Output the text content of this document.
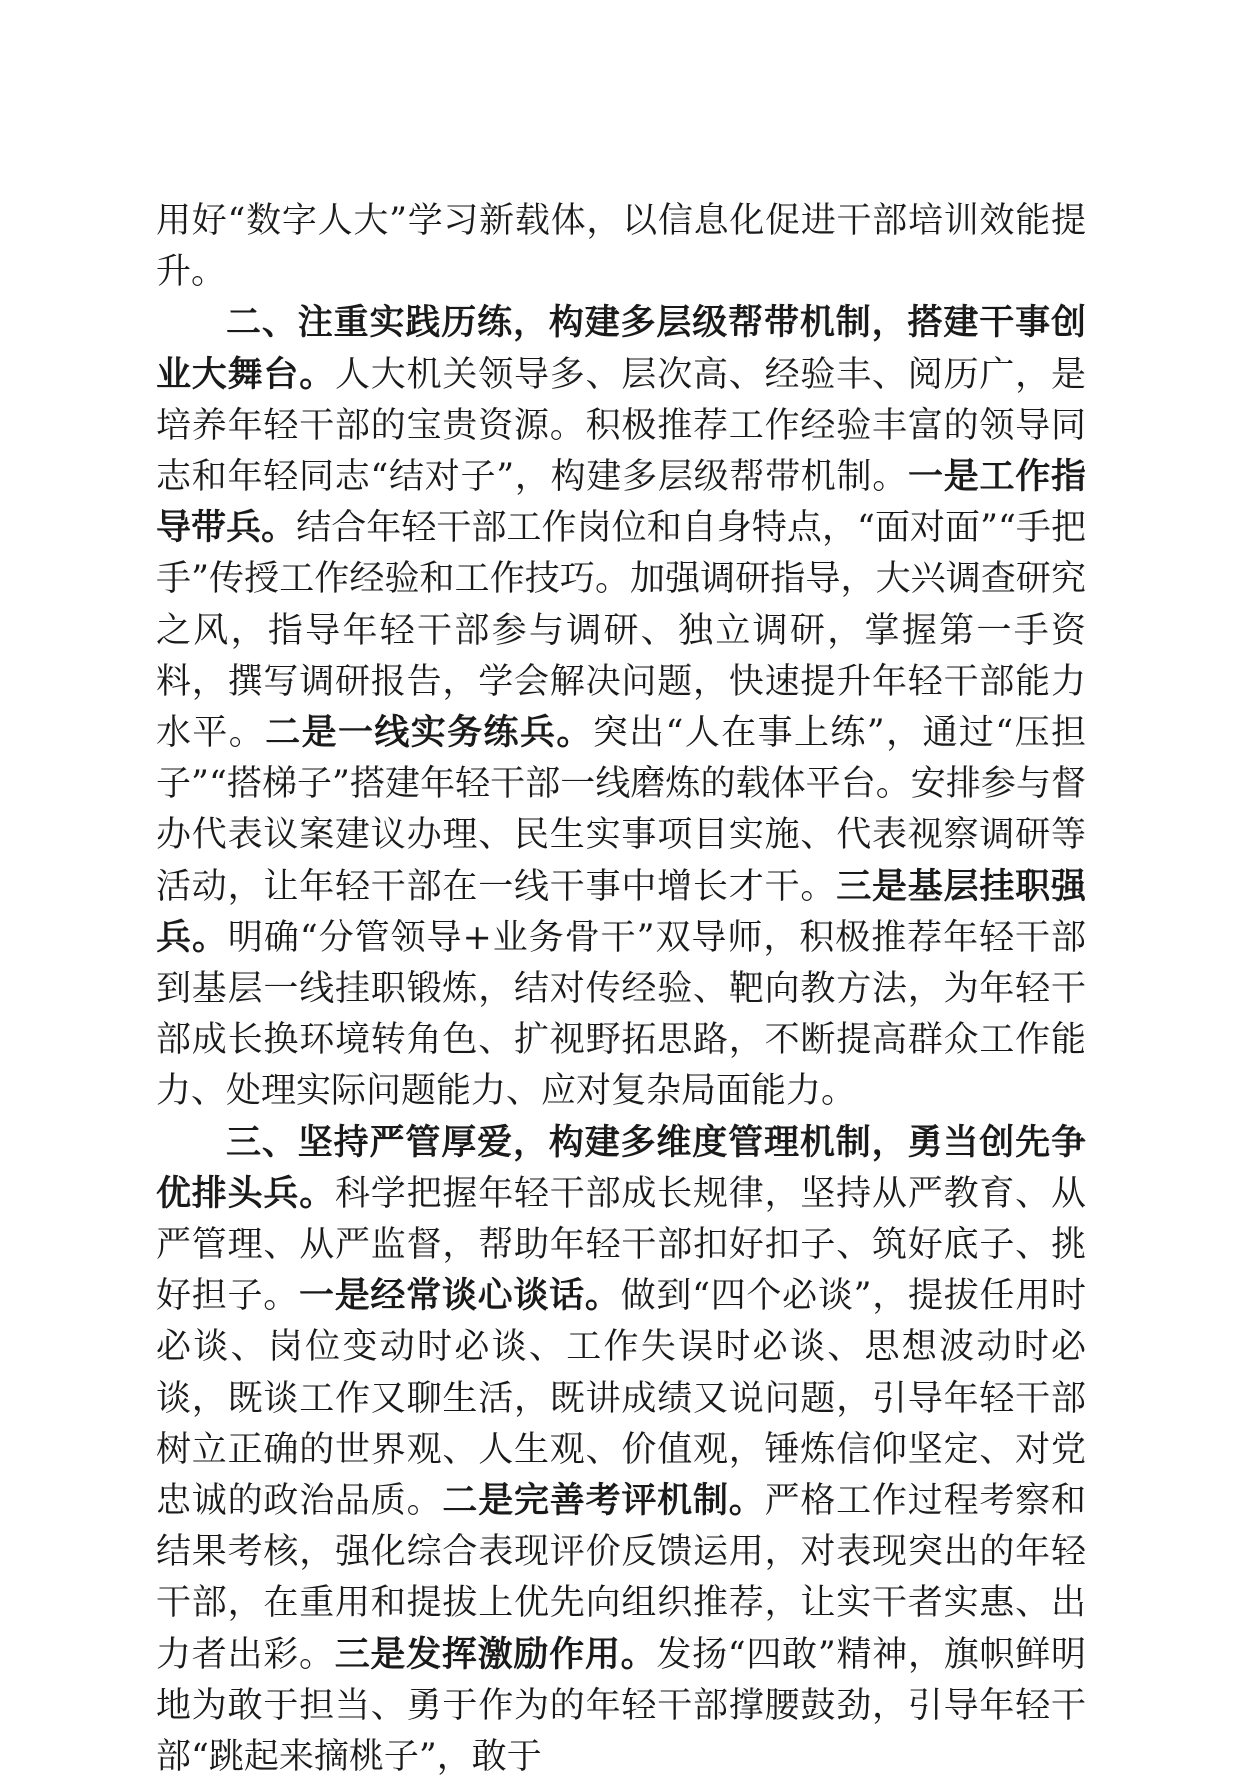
用好“数字人大”学习新载体，以信息化促进干部培训效能提升。

二、注重实践历练，构建多层级帮带机制，搭建干事创业大舞台。人大机关领导多、层次高、经验丰、阅历广，是培养年轻干部的宝贵资源。积极推荐工作经验丰富的领导同志和年轻同志“结对子”，构建多层级帮带机制。一是工作指导带兵。结合年轻干部工作岗位和自身特点，“面对面”“手把手”传授工作经验和工作技巧。加强调研指导，大兴调查研究之风，指导年轻干部参与调研、独立调研，掌握第一手资料，撰写调研报告，学会解决问题，快速提升年轻干部能力水平。二是一线实务练兵。突出“人在事上练”，通过“压担子”“搭梯子”搭建年轻干部一线磨炼的载体平台。安排参与督办代表议案建议办理、民生实事项目实施、代表视察调研等活动，让年轻干部在一线干事中增长才干。三是基层挂职强兵。明确“分管领导+业务骨干”双导师，积极推荐年轻干部到基层一线挂职锻炼，结对传经验、靶向教方法，为年轻干部成长换环境转角色、扩视野拓思路，不断提高群众工作能力、处理实际问题能力、应对复杂局面能力。

三、坚持严管厚爱，构建多维度管理机制，勇当创先争优排头兵。科学把握年轻干部成长规律，坚持从严教育、从严管理、从严监督，帮助年轻干部扣好扣子、筑好底子、挑好担子。一是经常谈心谈话。做到“四个必谈”，提拔任用时必谈、岗位变动时必谈、工作失误时必谈、思想波动时必谈，既谈工作又聊生活，既讲成绩又说问题，引导年轻干部树立正确的世界观、人生观、价值观，锤炼信仰坚定、对党忠诚的政治品质。二是完善考评机制。严格工作过程考察和结果考核，强化综合表现评价反馈运用，对表现突出的年轻干部，在重用和提拔上优先向组织推荐，让实干者实惠、出力者出彩。三是发挥激励作用。发扬“四敢”精神，旗帜鲜明地为敢于担当、勇于作为的年轻干部撑腰鼓劲，引导年轻干部“跳起来摘桃子”，敢于
